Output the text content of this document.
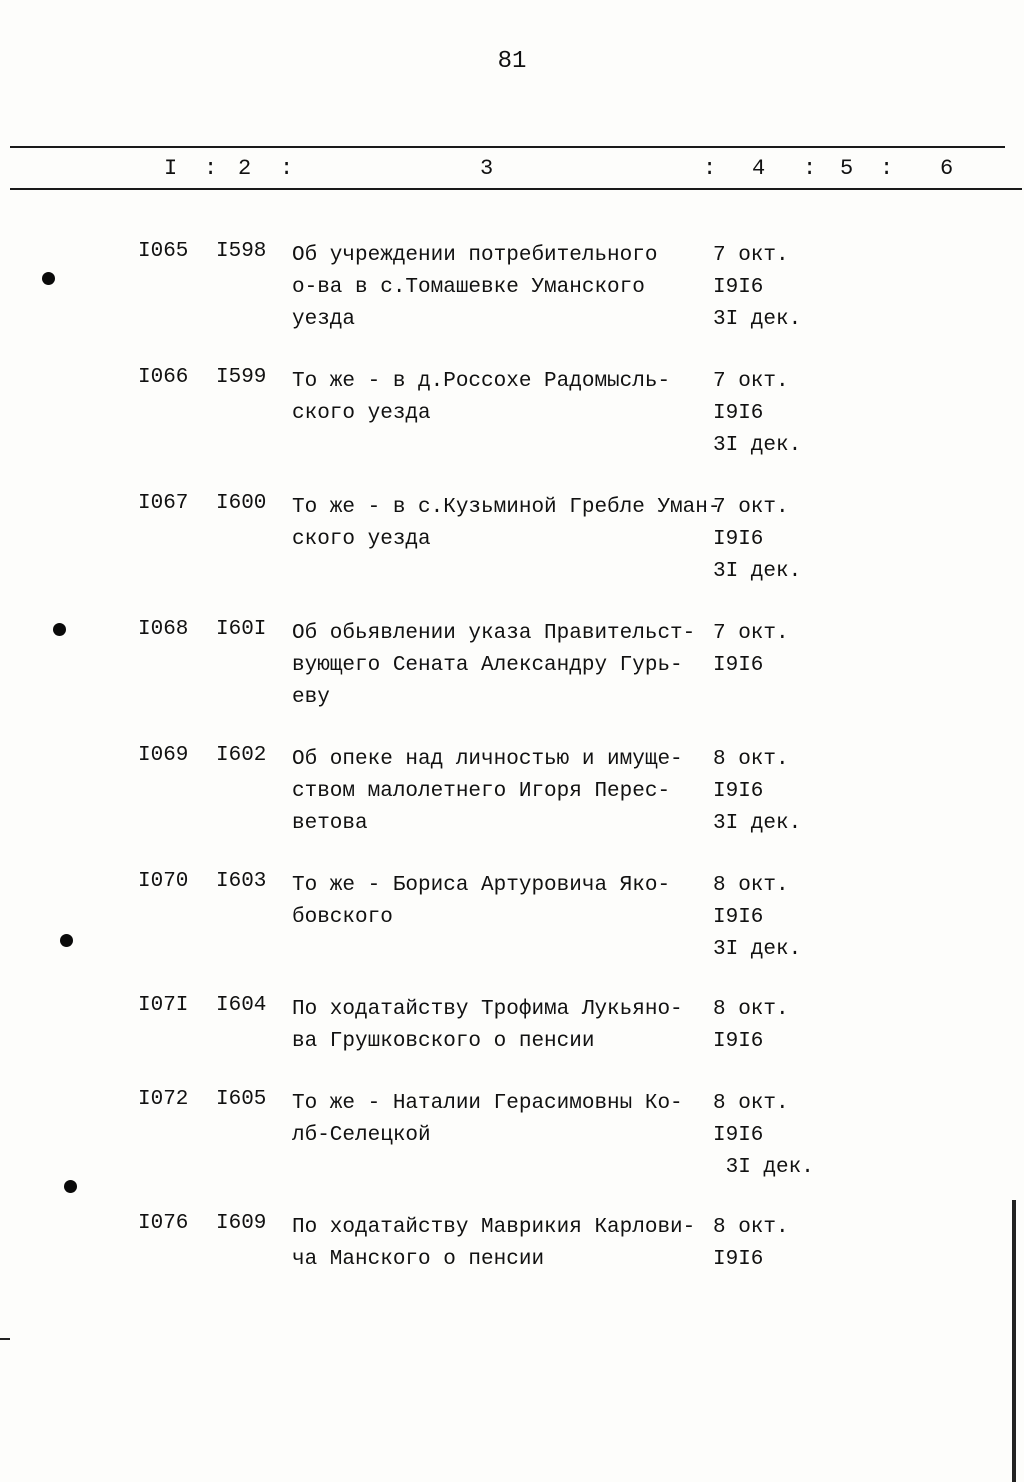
81
I : 2 :	3	: 4 : 5 : 6
I065 I598 Об учреждении потребительного
о-ва в с.Томашевке Уманского
уезда
7 окт.
I9I6
3I дек.
I066 I599 То же - в д.Россохе Радомысль-
ского уезда
7 окт.
I9I6
3I дек.
I067 I600 То же - в с.Кузьминой Гребле Уман-
ского уезда
7 окт.
I9I6
3I дек.
I068 I60I Об обьявлении указа Правительст-
вующего Сената Александру Гурь-
еву
7 окт.
I9I6
I069 I602 Об опеке над личностью и имуще-
ством малолетнего Игоря Перес-
ветова
8 окт.
I9I6
3I дек.
I070 I603 То же - Бориса Артуровича Яко-
бовского
8 окт.
I9I6
3I дек.
I07I I604 По ходатайству Трофима Лукьяно-
ва Грушковского о пенсии
8 окт.
I9I6
I072 I605 То же - Наталии Герасимовны Ко-
лб-Селецкой
8 окт.
I9I6
3I дек.
I076 I609 По ходатайству Маврикия Карлови-
ча Манского о пенсии
8 окт.
I9I6
